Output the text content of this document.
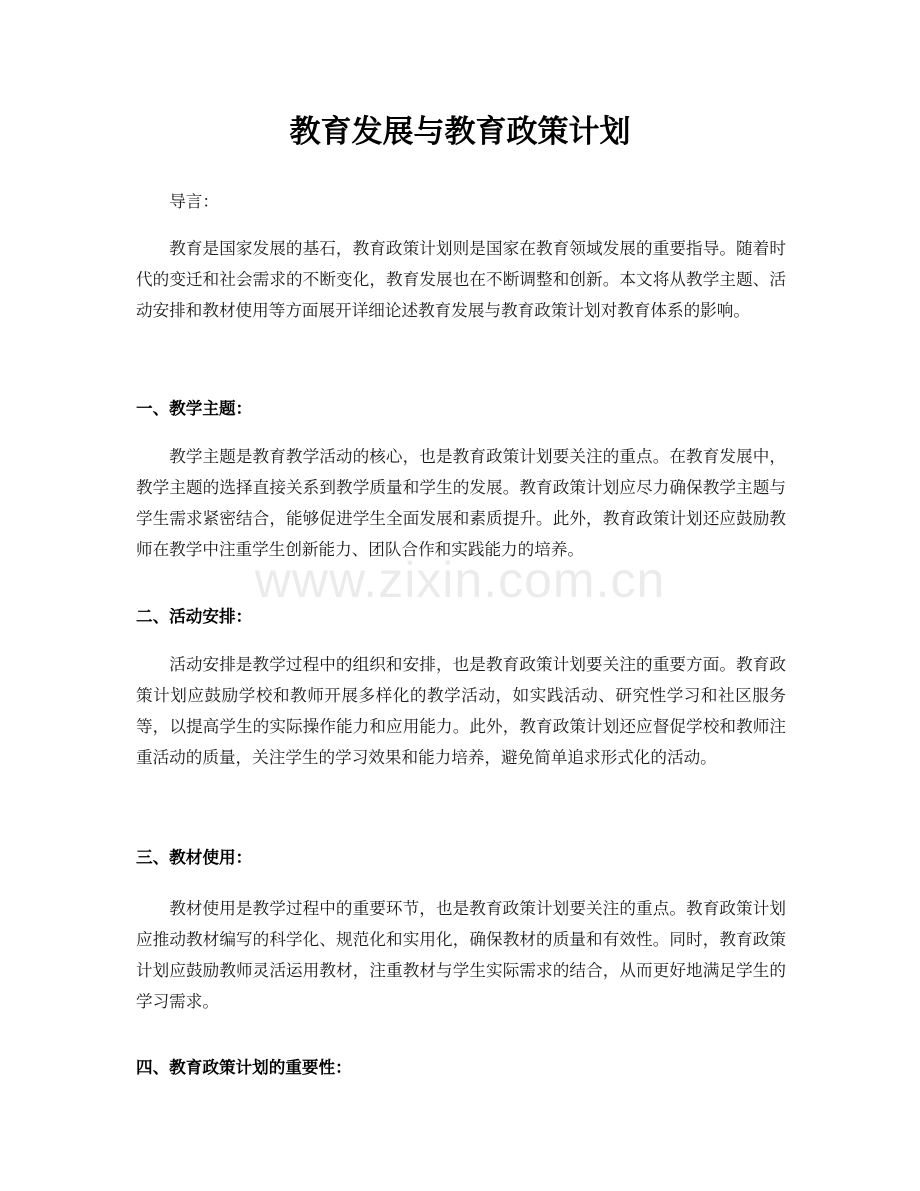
教育发展与教育政策计划

导言：

教育是国家发展的基石，教育政策计划则是国家在教育领域发展的重要指导。随着时代的变迁和社会需求的不断变化，教育发展也在不断调整和创新。本文将从教学主题、活动安排和教材使用等方面展开详细论述教育发展与教育政策计划对教育体系的影响。

一、教学主题：

教学主题是教育教学活动的核心，也是教育政策计划要关注的重点。在教育发展中，教学主题的选择直接关系到教学质量和学生的发展。教育政策计划应尽力确保教学主题与学生需求紧密结合，能够促进学生全面发展和素质提升。此外，教育政策计划还应鼓励教师在教学中注重学生创新能力、团队合作和实践能力的培养。

二、活动安排：

活动安排是教学过程中的组织和安排，也是教育政策计划要关注的重要方面。教育政策计划应鼓励学校和教师开展多样化的教学活动，如实践活动、研究性学习和社区服务等，以提高学生的实际操作能力和应用能力。此外，教育政策计划还应督促学校和教师注重活动的质量，关注学生的学习效果和能力培养，避免简单追求形式化的活动。

三、教材使用：

教材使用是教学过程中的重要环节，也是教育政策计划要关注的重点。教育政策计划应推动教材编写的科学化、规范化和实用化，确保教材的质量和有效性。同时，教育政策计划应鼓励教师灵活运用教材，注重教材与学生实际需求的结合，从而更好地满足学生的学习需求。

四、教育政策计划的重要性：
www.zixin.com.cn
